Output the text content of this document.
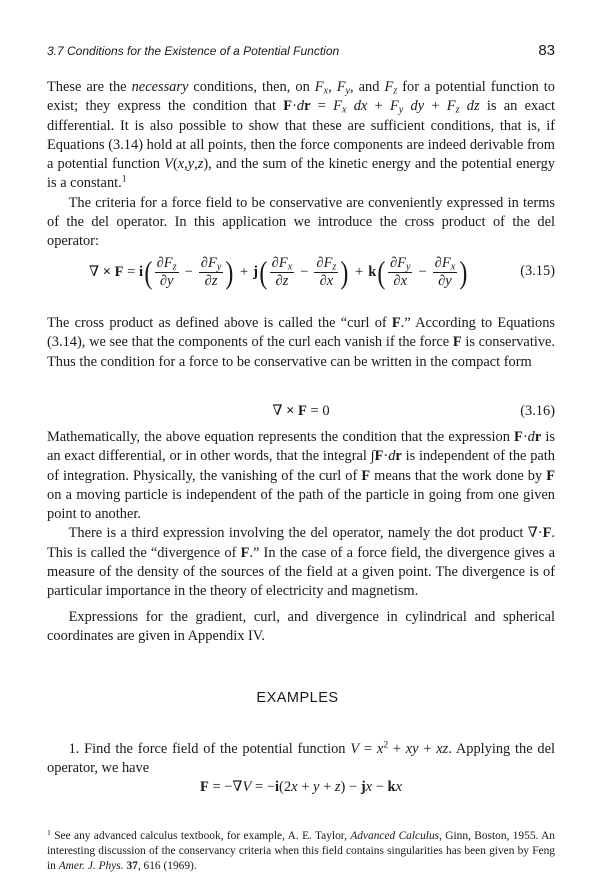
3.7 Conditions for the Existence of a Potential Function	83

These are the necessary conditions, then, on $F_x$, $F_y$, and $F_z$ for a potential function to exist; they express the condition that $F\cdot dr = F_x$ dx + $F_y$ dy + $F_z$ dz is an exact differential. It is also possible to show that these are sufficient conditions, that is, if Equations (3.14) hold at all points, then the force components are indeed derivable from a potential function V(x,y,z), and the sum of the kinetic energy and the potential energy is a constant.$^1$

The criteria for a force field to be conservative are conveniently expressed in terms of the del operator. In this application we introduce the cross product of the del operator:

∇ × F = i ( $\frac{\partial F_z}{\partial y} - \frac{\partial F_y}{\partial z}$ ) + j ( $\frac{\partial F_x}{\partial z} - \frac{\partial F_z}{\partial x}$ ) + k ( $\frac{\partial F_y}{\partial x} - \frac{\partial F_x}{\partial y}$ )	(3.15)

The cross product as defined above is called the “curl of F.” According to Equations (3.14), we see that the components of the curl each vanish if the force F is conservative. Thus the condition for a force to be conservative can be written in the compact form

∇ × F = 0	(3.16)

Mathematically, the above equation represents the condition that the expression F·dr is an exact differential, or in other words, that the integral ∫F·dr is independent of the path of integration. Physically, the vanishing of the curl of F means that the work done by F on a moving particle is independent of the path of the particle in going from one given point to another.

There is a third expression involving the del operator, namely the dot product ∇·F. This is called the “divergence of F.” In the case of a force field, the divergence gives a measure of the density of the sources of the field at a given point. The divergence is of particular importance in the theory of electricity and magnetism.

Expressions for the gradient, curl, and divergence in cylindrical and spherical coordinates are given in Appendix IV.

EXAMPLES

1. Find the force field of the potential function $V = x^2$ + xy + xz. Applying the del operator, we have

F = −∇V = −i(2x + y + z) − jx − kx
$^1$ See any advanced calculus textbook, for example, A. E. Taylor, Advanced Calculus, Ginn, Boston, 1955. An interesting discussion of the conservancy criteria when this field contains singularities has been given by Feng in Amer. J. Phys. 37, 616 (1969).
